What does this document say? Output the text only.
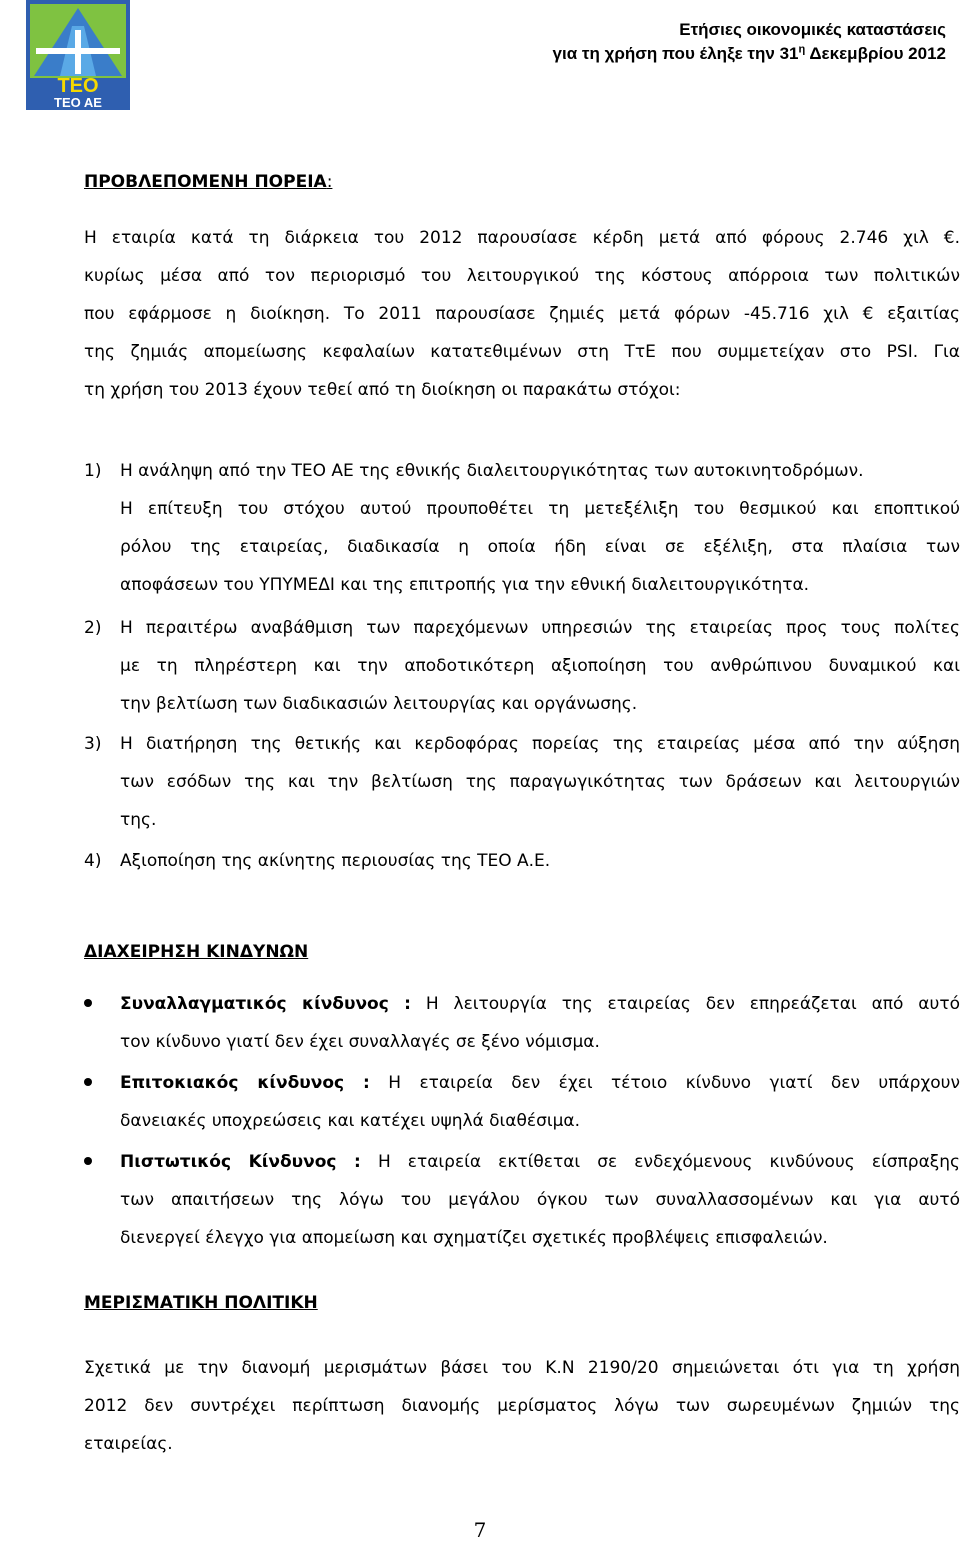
ΤΕΟ
ΤΕΟ ΑΕ
Ετήσιες οικονομικές καταστάσεις
για τη χρήση που έληξε την $31^\eta$ Δεκεμβρίου 2012
ΠΡΟΒΛΕΠΟΜΕΝΗ ΠΟΡΕΙΑ:
Η εταιρία κατά τη διάρκεια του 2012 παρουσίασε κέρδη μετά από φόρους 2.746 χιλ €.
κυρίως μέσα από τον περιορισμό του λειτουργικού της κόστους απόρροια των πολιτικών
που εφάρμοσε η διοίκηση. Το 2011 παρουσίασε ζημιές μετά φόρων -45.716 χιλ € εξαιτίας
της ζημιάς απομείωσης κεφαλαίων κατατεθιμένων στη ΤτΕ που συμμετείχαν στο PSI. Για
τη χρήση του 2013 έχουν τεθεί από τη διοίκηση οι παρακάτω στόχοι:
1) Η ανάληψη από την ΤΕΟ ΑΕ της εθνικής διαλειτουργικότητας των αυτοκινητοδρόμων.
Η επίτευξη του στόχου αυτού προυποθέτει τη μετεξέλιξη του θεσμικού και εποπτικού
ρόλου της εταιρείας, διαδικασία η οποία ήδη είναι σε εξέλιξη, στα πλαίσια των
αποφάσεων του ΥΠΥΜΕΔΙ και της επιτροπής για την εθνική διαλειτουργικότητα.
2) Η περαιτέρω αναβάθμιση των παρεχόμενων υπηρεσιών της εταιρείας προς τους πολίτες
με τη πληρέστερη και την αποδοτικότερη αξιοποίηση του ανθρώπινου δυναμικού και
την βελτίωση των διαδικασιών λειτουργίας και οργάνωσης.
3) Η διατήρηση της θετικής και κερδοφόρας πορείας της εταιρείας μέσα από την αύξηση
των εσόδων της και την βελτίωση της παραγωγικότητας των δράσεων και λειτουργιών
της.
4) Αξιοποίηση της ακίνητης περιουσίας της ΤΕΟ Α.Ε.
ΔΙΑΧΕΙΡΗΣΗ ΚΙΝΔΥΝΩΝ
Συναλλαγματικός κίνδυνος : Η λειτουργία της εταιρείας δεν επηρεάζεται από αυτό
τον κίνδυνο γιατί δεν έχει συναλλαγές σε ξένο νόμισμα.
Επιτοκιακός κίνδυνος : Η εταιρεία δεν έχει τέτοιο κίνδυνο γιατί δεν υπάρχουν
δανειακές υποχρεώσεις και κατέχει υψηλά διαθέσιμα.
Πιστωτικός Κίνδυνος : Η εταιρεία εκτίθεται σε ενδεχόμενους κινδύνους είσπραξης
των απαιτήσεων της λόγω του μεγάλου όγκου των συναλλασσομένων και για αυτό
διενεργεί έλεγχο για απομείωση και σχηματίζει σχετικές προβλέψεις επισφαλειών.
ΜΕΡΙΣΜΑΤΙΚΗ ΠΟΛΙΤΙΚΗ
Σχετικά με την διανομή μερισμάτων βάσει του Κ.Ν 2190/20 σημειώνεται ότι για τη χρήση
2012 δεν συντρέχει περίπτωση διανομής μερίσματος λόγω των σωρευμένων ζημιών της
εταιρείας.
7
